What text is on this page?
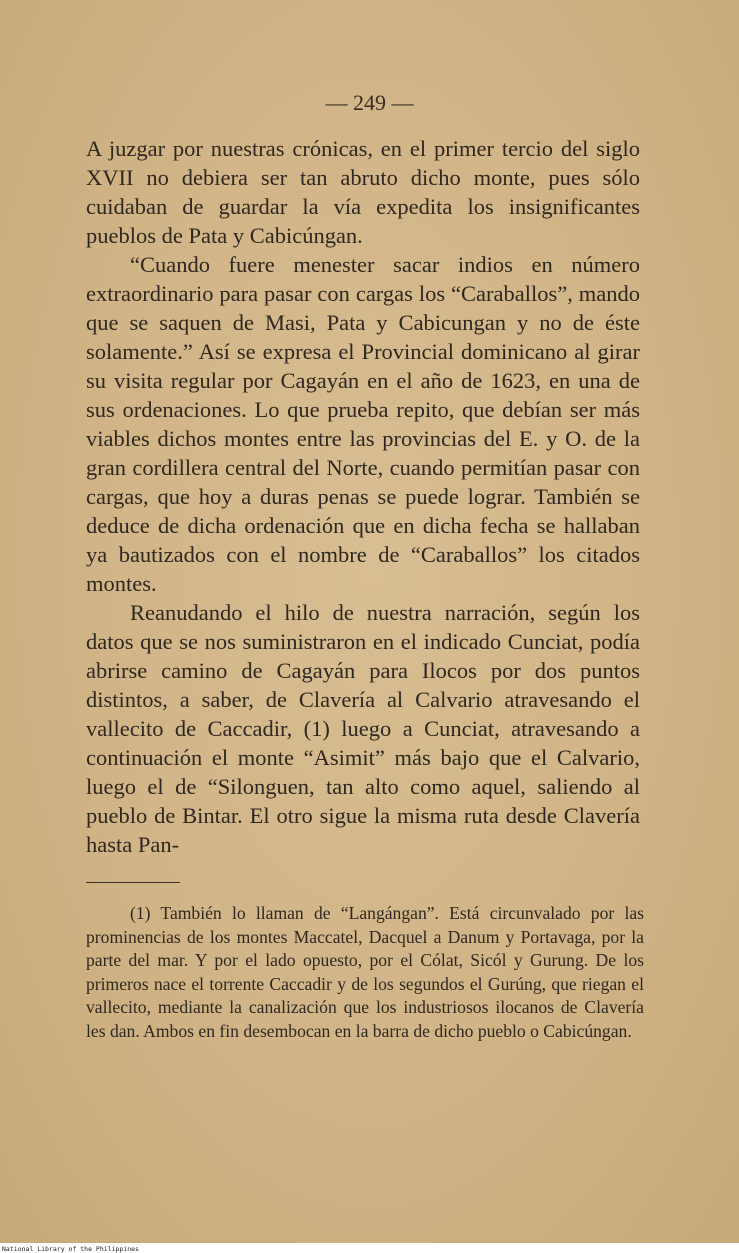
— 249 —

A juzgar por nuestras crónicas, en el primer tercio del siglo XVII no debiera ser tan abruto dicho monte, pues sólo cuidaban de guardar la vía expedita los insignificantes pueblos de Pata y Cabicúngan.

“Cuando fuere menester sacar indios en número extraordinario para pasar con cargas los “Caraballos”, mando que se saquen de Masi, Pata y Cabicungan y no de éste solamente.” Así se expresa el Provincial dominicano al girar su visita regular por Cagayán en el año de 1623, en una de sus ordenaciones. Lo que prueba repito, que debían ser más viables dichos montes entre las provincias del E. y O. de la gran cordillera central del Norte, cuando permitían pasar con cargas, que hoy a duras penas se puede lograr. También se deduce de dicha ordenación que en dicha fecha se hallaban ya bautizados con el nombre de “Caraballos” los citados montes.

Reanudando el hilo de nuestra narración, según los datos que se nos suministraron en el indicado Cunciat, podía abrirse camino de Cagayán para Ilocos por dos puntos distintos, a saber, de Clavería al Calvario atravesando el vallecito de Caccadir, (1) luego a Cunciat, atravesando a continuación el monte “Asimit” más bajo que el Calvario, luego el de “Silonguen, tan alto como aquel, saliendo al pueblo de Bintar. El otro sigue la misma ruta desde Clavería hasta Pan-

(1) También lo llaman de “Langángan”. Está circunvalado por las prominencias de los montes Maccatel, Dacquel a Danum y Portavaga, por la parte del mar. Y por el lado opuesto, por el Cólat, Sicól y Gurung. De los primeros nace el torrente Caccadir y de los segundos el Gurúng, que riegan el vallecito, mediante la canalización que los industriosos ilocanos de Clavería les dan. Ambos en fin desembocan en la barra de dicho pueblo o Cabicúngan.

National Library of the Philippines
